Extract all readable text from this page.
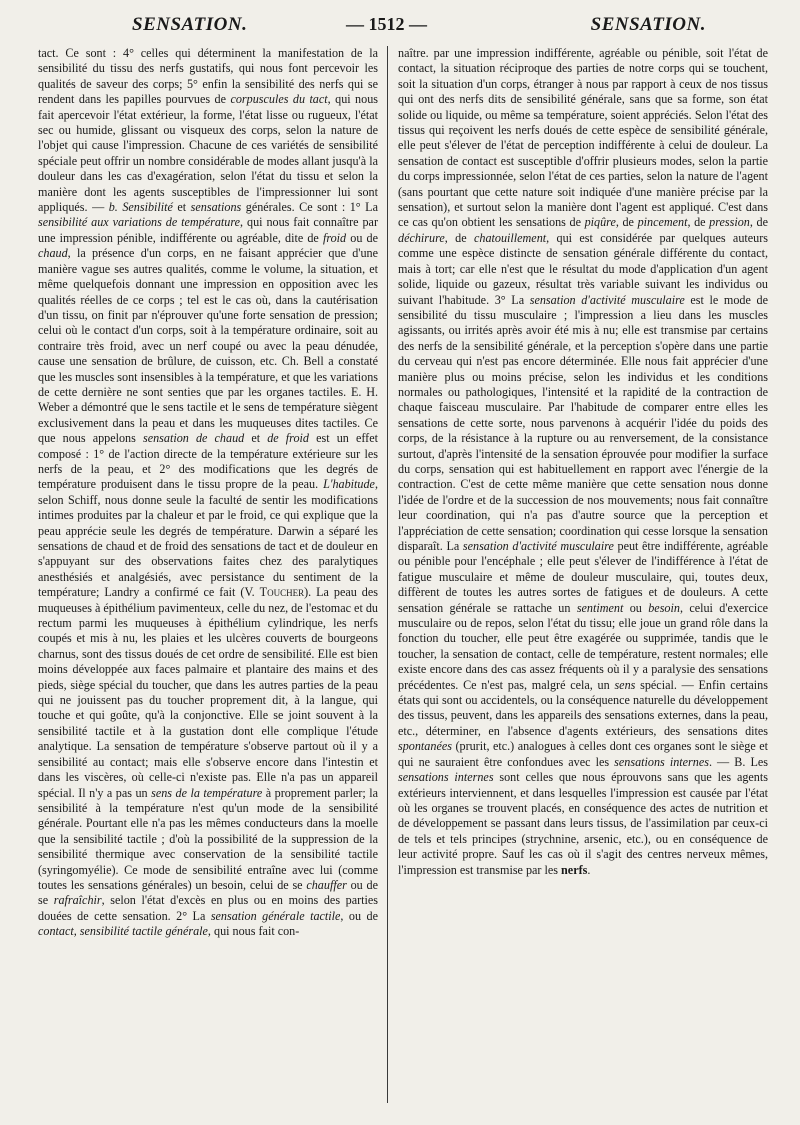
SENSATION.	— 1512 —	SENSATION.

tact. Ce sont : 4° celles qui déterminent la manifestation de la sensibilité du tissu des nerfs gustatifs, qui nous font percevoir les qualités de saveur des corps; 5° enfin la sensibilité des nerfs qui se rendent dans les papilles pourvues de corpuscules du tact, qui nous fait apercevoir l'état extérieur, la forme, l'état lisse ou rugueux, l'état sec ou humide, glissant ou visqueux des corps, selon la nature de l'objet qui cause l'impression. Chacune de ces variétés de sensibilité spéciale peut offrir un nombre considérable de modes allant jusqu'à la douleur dans les cas d'exagération, selon l'état du tissu et selon la manière dont les agents susceptibles de l'impressionner lui sont appliqués. — b. Sensibilité et sensations générales. Ce sont : 1° La sensibilité aux variations de température, qui nous fait connaître par une impression pénible, indifférente ou agréable, dite de froid ou de chaud, la présence d'un corps, en ne faisant apprécier que d'une manière vague ses autres qualités, comme le volume, la situation, et même quelquefois donnant une impression en opposition avec les qualités réelles de ce corps ; tel est le cas où, dans la cautérisation d'un tissu, on finit par n'éprouver qu'une forte sensation de pression; celui où le contact d'un corps, soit à la température ordinaire, soit au contraire très froid, avec un nerf coupé ou avec la peau dénudée, cause une sensation de brûlure, de cuisson, etc. Ch. Bell a constaté que les muscles sont insensibles à la température, et que les variations de cette dernière ne sont senties que par les organes tactiles. E. H. Weber a démontré que le sens tactile et le sens de température siègent exclusivement dans la peau et dans les muqueuses dites tactiles. Ce que nous appelons sensation de chaud et de froid est un effet composé : 1° de l'action directe de la température extérieure sur les nerfs de la peau, et 2° des modifications que les degrés de température produisent dans le tissu propre de la peau. L'habitude, selon Schiff, nous donne seule la faculté de sentir les modifications intimes produites par la chaleur et par le froid, ce qui explique que la peau apprécie seule les degrés de température. Darwin a séparé les sensations de chaud et de froid des sensations de tact et de douleur en s'appuyant sur des observations faites chez des paralytiques anesthésiés et analgésiés, avec persistance du sentiment de la température; Landry a confirmé ce fait (V. Toucher). La peau des muqueuses à épithélium pavimenteux, celle du nez, de l'estomac et du rectum parmi les muqueuses à épithélium cylindrique, les nerfs coupés et mis à nu, les plaies et les ulcères couverts de bourgeons charnus, sont des tissus doués de cet ordre de sensibilité. Elle est bien moins développée aux faces palmaire et plantaire des mains et des pieds, siège spécial du toucher, que dans les autres parties de la peau qui ne jouissent pas du toucher proprement dit, à la langue, qui touche et qui goûte, qu'à la conjonctive. Elle se joint souvent à la sensibilité tactile et à la gustation dont elle complique l'étude analytique. La sensation de température s'observe partout où il y a sensibilité au contact; mais elle s'observe encore dans l'intestin et dans les viscères, où celle-ci n'existe pas. Elle n'a pas un appareil spécial. Il n'y a pas un sens de la température à proprement parler; la sensibilité à la température n'est qu'un mode de la sensibilité générale. Pourtant elle n'a pas les mêmes conducteurs dans la moelle que la sensibilité tactile ; d'où la possibilité de la suppression de la sensibilité thermique avec conservation de la sensibilité tactile (syringomyélie). Ce mode de sensibilité entraîne avec lui (comme toutes les sensations générales) un besoin, celui de se chauffer ou de se rafraîchir, selon l'état d'excès en plus ou en moins des parties douées de cette sensation. 2° La sensation générale tactile, ou de contact, sensibilité tactile générale, qui nous fait con-

naître. par une impression indifférente, agréable ou pénible, soit l'état de contact, la situation réciproque des parties de notre corps qui se touchent, soit la situation d'un corps, étranger à nous par rapport à ceux de nos tissus qui ont des nerfs dits de sensibilité générale, sans que sa forme, son état solide ou liquide, ou même sa température, soient appréciés. Selon l'état des tissus qui reçoivent les nerfs doués de cette espèce de sensibilité générale, elle peut s'élever de l'état de perception indifférente à celui de douleur. La sensation de contact est susceptible d'offrir plusieurs modes, selon la partie du corps impressionnée, selon l'état de ces parties, selon la nature de l'agent (sans pourtant que cette nature soit indiquée d'une manière précise par la sensation), et surtout selon la manière dont l'agent est appliqué. C'est dans ce cas qu'on obtient les sensations de piqûre, de pincement, de pression, de déchirure, de chatouillement, qui est considérée par quelques auteurs comme une espèce distincte de sensation générale différente du contact, mais à tort; car elle n'est que le résultat du mode d'application d'un agent solide, liquide ou gazeux, résultat très variable suivant les individus ou suivant l'habitude. 3° La sensation d'activité musculaire est le mode de sensibilité du tissu musculaire ; l'impression a lieu dans les muscles agissants, ou irrités après avoir été mis à nu; elle est transmise par certains des nerfs de la sensibilité générale, et la perception s'opère dans une partie du cerveau qui n'est pas encore déterminée. Elle nous fait apprécier d'une manière plus ou moins précise, selon les individus et les conditions normales ou pathologiques, l'intensité et la rapidité de la contraction de chaque faisceau musculaire. Par l'habitude de comparer entre elles les sensations de cette sorte, nous parvenons à acquérir l'idée du poids des corps, de la résistance à la rupture ou au renversement, de la consistance surtout, d'après l'intensité de la sensation éprouvée pour modifier la surface du corps, sensation qui est habituellement en rapport avec l'énergie de la contraction. C'est de cette même manière que cette sensation nous donne l'idée de l'ordre et de la succession de nos mouvements; nous fait connaître leur coordination, qui n'a pas d'autre source que la perception et l'appréciation de cette sensation; coordination qui cesse lorsque la sensation disparaît. La sensation d'activité musculaire peut être indifférente, agréable ou pénible pour l'encéphale ; elle peut s'élever de l'indifférence à l'état de fatigue musculaire et même de douleur musculaire, qui, toutes deux, diffèrent de toutes les autres sortes de fatigues et de douleurs. A cette sensation générale se rattache un sentiment ou besoin, celui d'exercice musculaire ou de repos, selon l'état du tissu; elle joue un grand rôle dans la fonction du toucher, elle peut être exagérée ou supprimée, tandis que le toucher, la sensation de contact, celle de température, restent normales; elle existe encore dans des cas assez fréquents où il y a paralysie des sensations précédentes. Ce n'est pas, malgré cela, un sens spécial. — Enfin certains états qui sont ou accidentels, ou la conséquence naturelle du développement des tissus, peuvent, dans les appareils des sensations externes, dans la peau, etc., déterminer, en l'absence d'agents extérieurs, des sensations dites spontanées (prurit, etc.) analogues à celles dont ces organes sont le siège et qui ne sauraient être confondues avec les sensations internes. — B. Les sensations internes sont celles que nous éprouvons sans que les agents extérieurs interviennent, et dans lesquelles l'impression est causée par l'état où les organes se trouvent placés, en conséquence des actes de nutrition et de développement se passant dans leurs tissus, de l'assimilation par ceux-ci de tels et tels principes (strychnine, arsenic, etc.), ou en conséquence de leur activité propre. Sauf les cas où il s'agit des centres nerveux mêmes, l'impression est transmise par les nerfs.
